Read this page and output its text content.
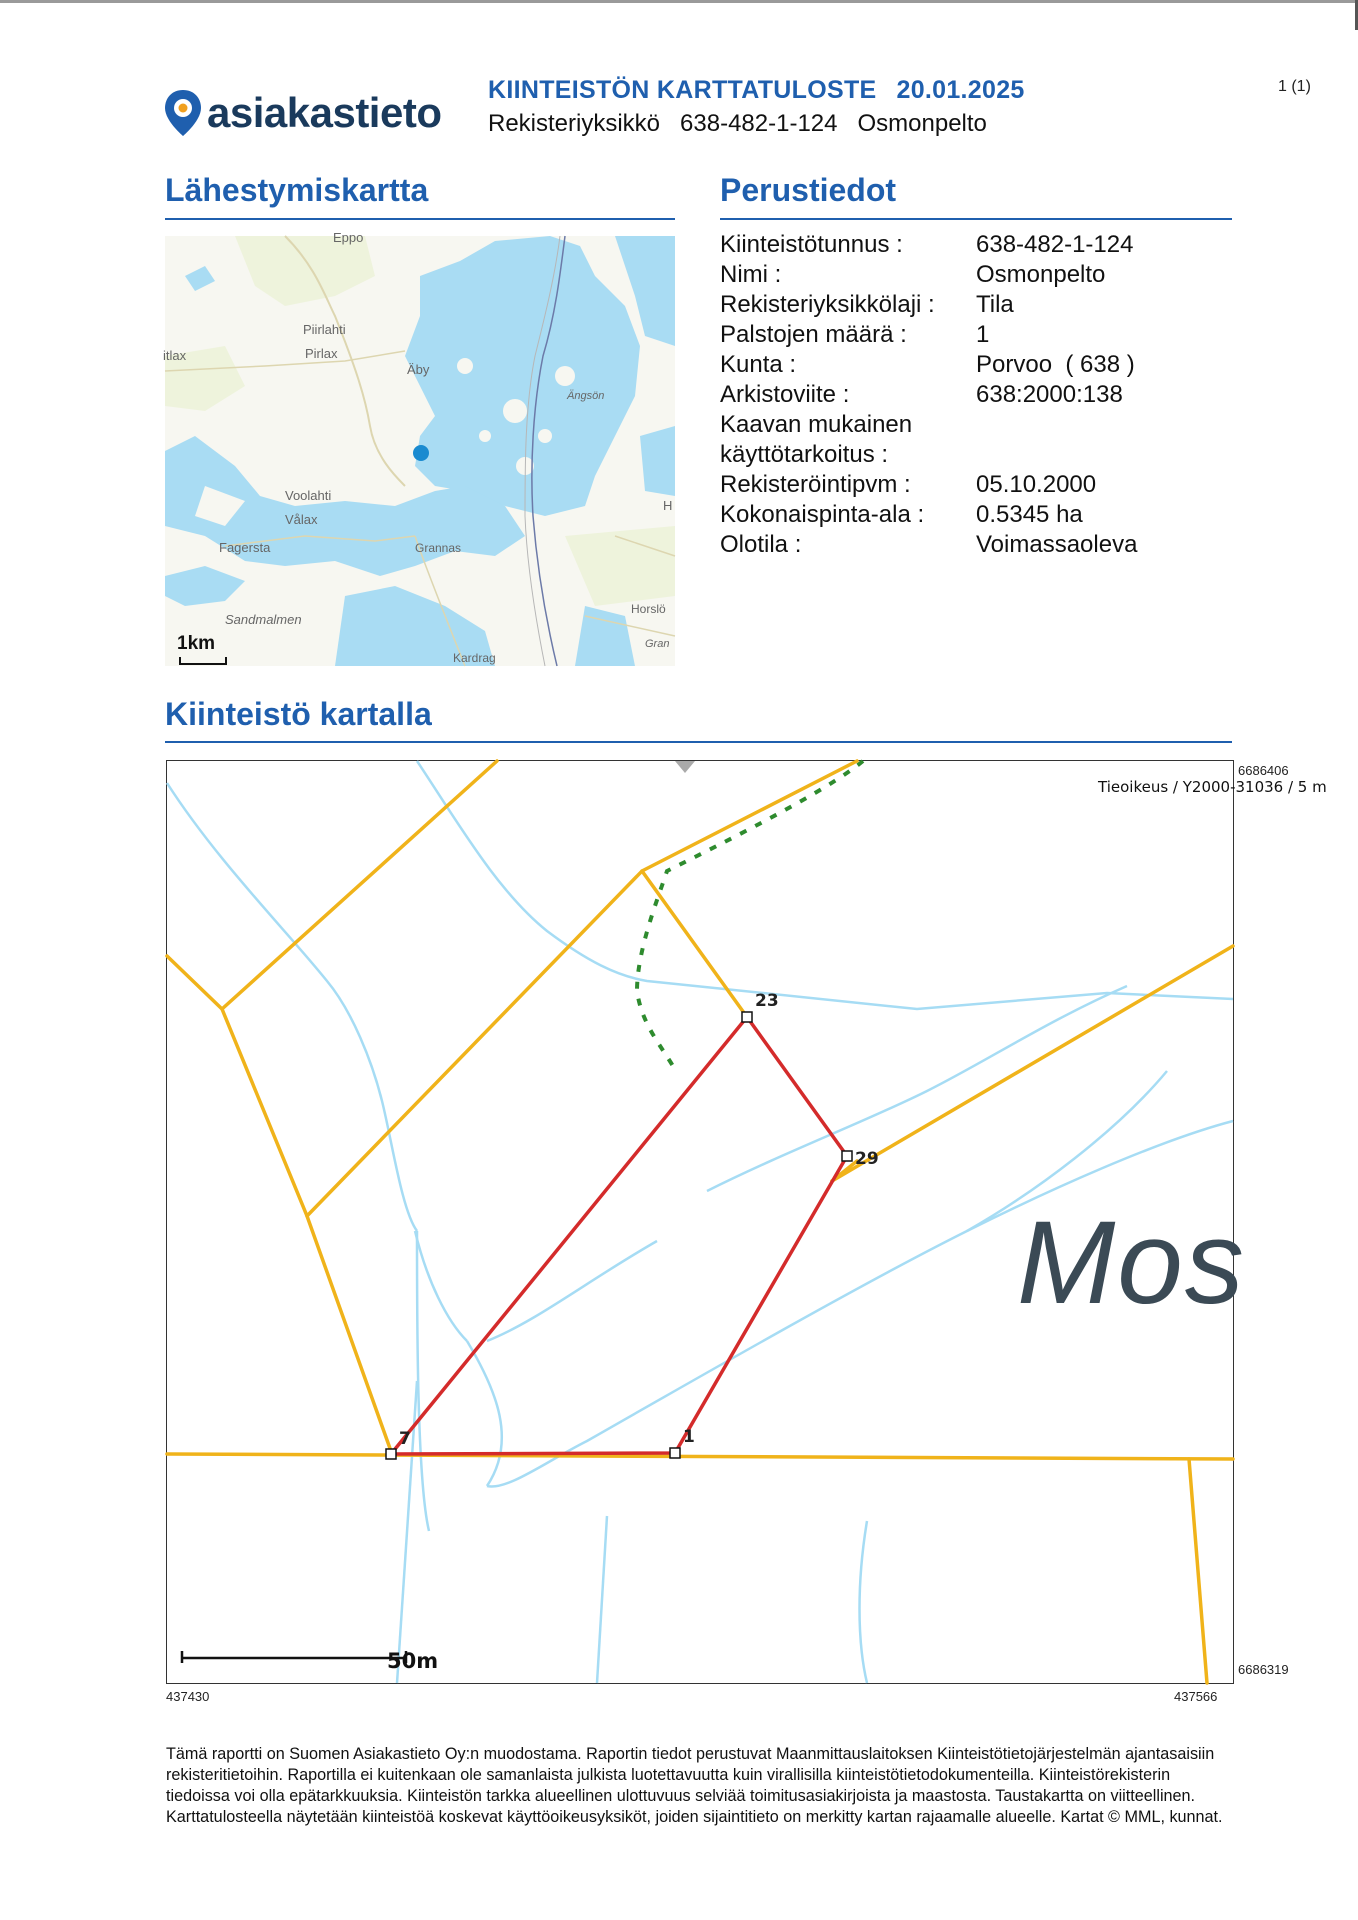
asiakastieto KIINTEISTÖN KARTTATULOSTE 20.01.2025
Rekisteriyksikkö 638-482-1-124 Osmonpelto
1 (1)
Lähestymiskartta	Perustiedot
Eppo
Piirlahti
Pirlax
itlax
Äby
Ängsön
Voolahti
Vålax
Fagersta	Grannas
Sandmalmen
Horslö
Kardrag
Gran
H
1km
Kiinteistötunnus :	638-482-1-124
Nimi :	Osmonpelto
Rekisteriyksikkölaji :	Tila
Palstojen määrä :	1
Kunta :	Porvoo  ( 638 )
Arkistoviite :	638:2000:138
Kaavan mukainen
käyttötarkoitus :
Rekisteröintipvm :	05.10.2000
Kokonaispinta-ala :	0.5345 ha
Olotila :	Voimassaoleva
Kiinteistö kartalla
Tieoikeus / Y2000-31036 / 5 m
Mos
23
29
7	1
50m
6686406
6686319
437430	437566
Tämä raportti on Suomen Asiakastieto Oy:n muodostama. Raportin tiedot perustuvat Maanmittauslaitoksen Kiinteistötietojärjestelmän ajantasaisiin rekisteritietoihin. Raportilla ei kuitenkaan ole samanlaista julkista luotettavuutta kuin virallisilla kiinteistötietodokumenteilla. Kiinteistörekisterin tiedoissa voi olla epätarkkuuksia. Kiinteistön tarkka alueellinen ulottuvuus selviää toimitusasiakirjoista ja maastosta. Taustakartta on viitteellinen. Karttatulosteella näytetään kiinteistöä koskevat käyttöoikeusyksiköt, joiden sijaintitieto on merkitty kartan rajaamalle alueelle. Kartat © MML, kunnat.
